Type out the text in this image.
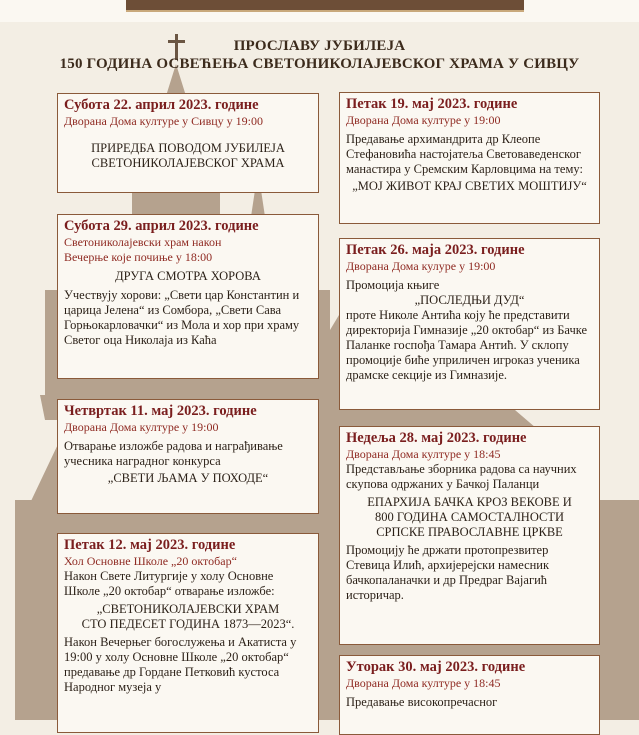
ПРОСЛАВУ ЈУБИЛЕЈА
150 ГОДИНА ОСВЕЋЕЊА СВЕТОНИКОЛАЈЕВСКОГ ХРАМА У СИВЦУ
Субота 22. април 2023. године
Дворана Дома културе у Сивцу у 19:00
ПРИРЕДБА ПОВОДОМ ЈУБИЛЕЈА
СВЕТОНИКОЛАЈЕВСКОГ ХРАМА
Субота 29. април 2023. године
Светониколајевски храм након
Вечерње које почиње у 18:00
ДРУГА СМОТРА ХОРОВА
Учествују хорови: „Свети цар Константин и царица Јелена“ из Сомбора, „Свети Сава Горњокарловачки“ из Мола и хор при храму Светог оца Николаја из Каћа
Четвртак 11. мај 2023. године
Дворана Дома културе у 19:00
Отварање изложбе радова и награђивање учесника наградног конкурса
„СВЕТИ ЉАМА У ПОХОДЕ“
Петак 12. мај 2023. године
Хол Основне Школе „20 октобар“
Након Свете Литургије у холу Основне Школе „20 октобар“ отварање изложбе:
„СВЕТОНИКОЛАЈЕВСКИ ХРАМ
СТО ПЕДЕСЕТ ГОДИНА 1873—2023“.
Након Вечерњег богослужења и Акатиста у 19:00 у холу Основне Школе „20 октобар“ предавање др Гордане Петковић кустоса Народног музеја у
Петак 19. мај 2023. године
Дворана Дома културе у 19:00
Предавање архимандрита др Клеопе Стефановића настојатеља Световаведенског манастира у Сремским Карловцима на тему:
„МОЈ ЖИВОТ КРАЈ СВЕТИХ МОШТИЈУ“
Петак 26. маја 2023. године
Дворана Дома кулуре у 19:00
Промоција књиге
„ПОСЛЕДЊИ ДУД“
проте Николе Антића коју ће представити директорија Гимназије „20 октобар“ из Бачке Паланке госпођа Тамара Антић. У склопу промоције биће уприличен игроказ ученика драмске секције из Гимназије.
Недеља 28. мај 2023. године
Дворана Дома културе у 18:45
Представљање зборника радова са научних скупова одржаних у Бачкој Паланци
ЕПАРХИЈА БАЧКА КРОЗ ВЕКОВЕ И
800 ГОДИНА САМОСТАЛНОСТИ
СРПСКЕ ПРАВОСЛАВНЕ ЦРКВЕ
Промоцију ће држати протопрезвитер Стевица Илић, архијерејски намесник бачкопаланачки и др Предраг Вајагић историчар.
Уторак 30. мај 2023. године
Дворана Дома културе у 18:45
Предавање високопречасног
